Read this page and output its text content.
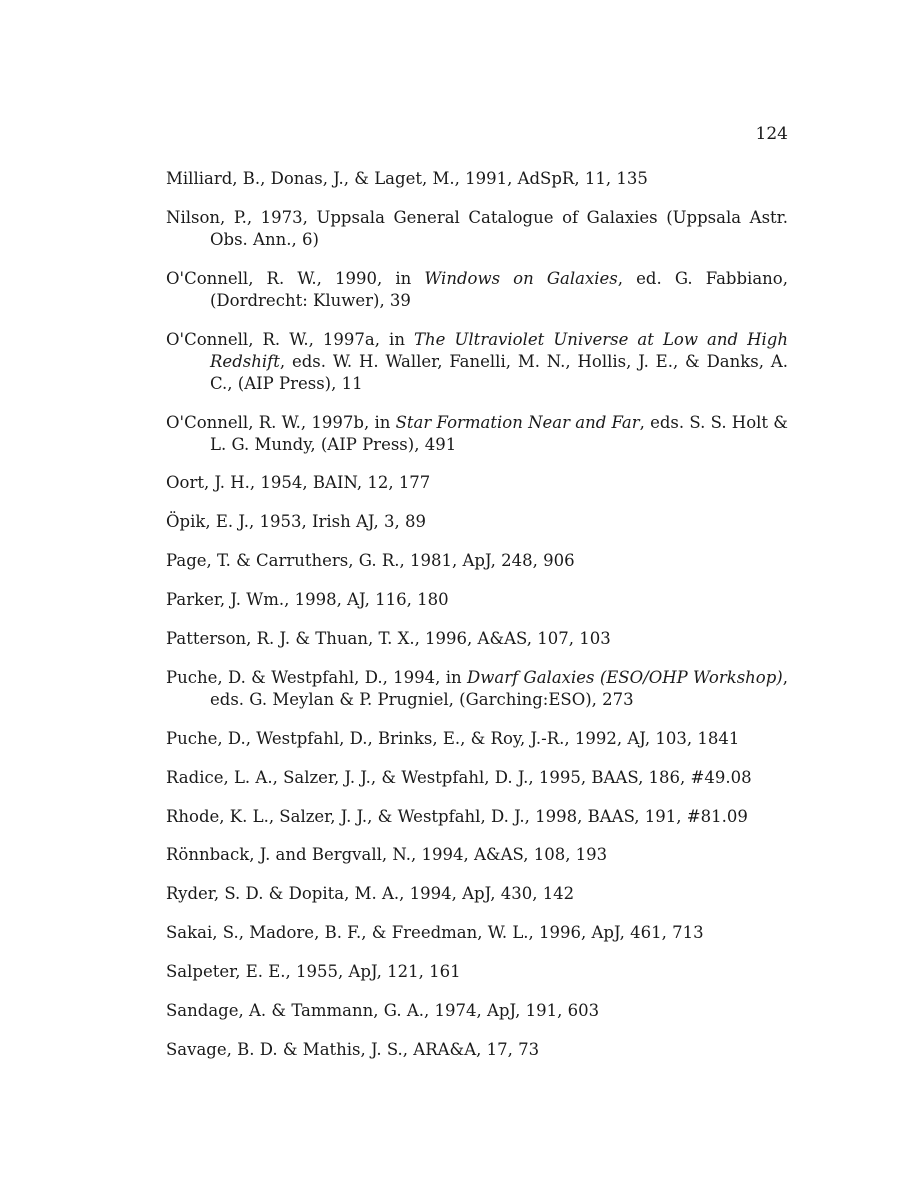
124
Milliard, B., Donas, J., & Laget, M., 1991, AdSpR, 11, 135
Nilson, P., 1973, Uppsala General Catalogue of Galaxies (Uppsala Astr. Obs. Ann., 6)
O'Connell, R. W., 1990, in Windows on Galaxies, ed. G. Fabbiano, (Dordrecht: Kluwer), 39
O'Connell, R. W., 1997a, in The Ultraviolet Universe at Low and High Redshift, eds. W. H. Waller, Fanelli, M. N., Hollis, J. E., & Danks, A. C., (AIP Press), 11
O'Connell, R. W., 1997b, in Star Formation Near and Far, eds. S. S. Holt & L. G. Mundy, (AIP Press), 491
Oort, J. H., 1954, BAIN, 12, 177
Öpik, E. J., 1953, Irish AJ, 3, 89
Page, T. & Carruthers, G. R., 1981, ApJ, 248, 906
Parker, J. Wm., 1998, AJ, 116, 180
Patterson, R. J. & Thuan, T. X., 1996, A&AS, 107, 103
Puche, D. & Westpfahl, D., 1994, in Dwarf Galaxies (ESO/OHP Workshop), eds. G. Meylan & P. Prugniel, (Garching:ESO), 273
Puche, D., Westpfahl, D., Brinks, E., & Roy, J.-R., 1992, AJ, 103, 1841
Radice, L. A., Salzer, J. J., & Westpfahl, D. J., 1995, BAAS, 186, #49.08
Rhode, K. L., Salzer, J. J., & Westpfahl, D. J., 1998, BAAS, 191, #81.09
Rönnback, J. and Bergvall, N., 1994, A&AS, 108, 193
Ryder, S. D. & Dopita, M. A., 1994, ApJ, 430, 142
Sakai, S., Madore, B. F., & Freedman, W. L., 1996, ApJ, 461, 713
Salpeter, E. E., 1955, ApJ, 121, 161
Sandage, A. & Tammann, G. A., 1974, ApJ, 191, 603
Savage, B. D. & Mathis, J. S., ARA&A, 17, 73
